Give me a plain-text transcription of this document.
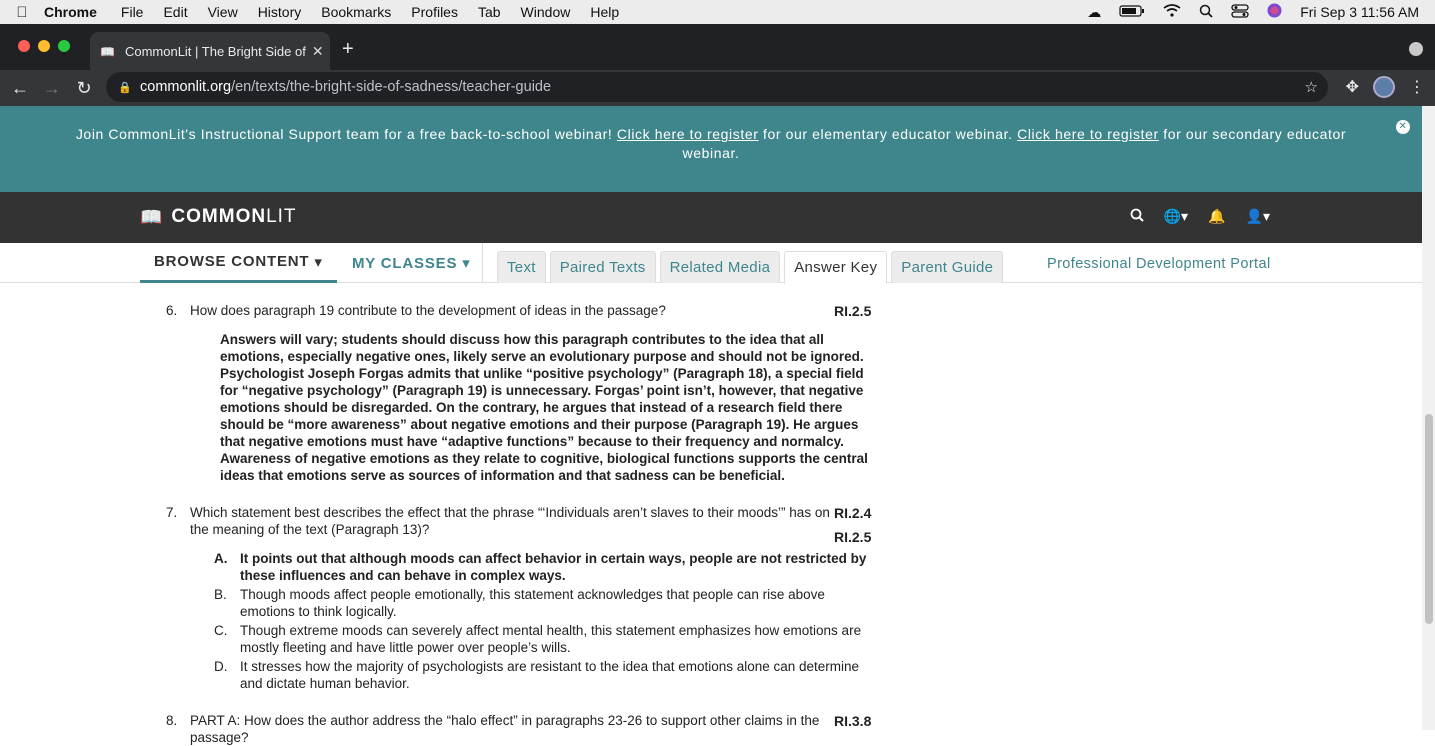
Chrome File Edit View History Bookmarks Profiles Tab Window Help	☁	Fri Sep 3 11:56 AM
📖 CommonLit | The Bright Side of ✕ +
← → ↻	🔒 commonlit.org /en/texts/the-bright-side-of-sadness/teacher-guide	☆ ✥	⋮
Join CommonLit's Instructional Support team for a free back-to-school webinar! Click here to register for our elementary educator webinar. Click here to register for our secondary educator webinar.
✕
📖 COMMON LIT	🌐▾ 🔔 👤▾
BROWSE CONTENT
▾ MY CLASSES
▾	Text	Paired Texts	Related Media	Answer Key	Parent Guide	Professional Development Portal
6. How does paragraph 19 contribute to the development of ideas in the passage?	RI.2.5
Answers will vary; students should discuss how this paragraph contributes to the idea that all emotions, especially negative ones, likely serve an evolutionary purpose and should not be ignored. Psychologist Joseph Forgas admits that unlike “positive psychology” (Paragraph 18), a special field for “negative psychology” (Paragraph 19) is unnecessary. Forgas’ point isn’t, however, that negative emotions should be disregarded. On the contrary, he argues that instead of a research field there should be “more awareness” about negative emotions and their purpose (Paragraph 19). He argues that negative emotions must have “adaptive functions” because to their frequency and normalcy. Awareness of negative emotions as they relate to cognitive, biological functions supports the central ideas that emotions serve as sources of information and that sadness can be beneficial.
7. Which statement best describes the effect that the phrase “‘Individuals aren’t slaves to their moods’” has on the meaning of the text (Paragraph 13)?
RI.2.4
RI.2.5
A. It points out that although moods can affect behavior in certain ways, people are not restricted by these influences and can behave in complex ways.
B. Though moods affect people emotionally, this statement acknowledges that people can rise above emotions to think logically.
C. Though extreme moods can severely affect mental health, this statement emphasizes how emotions are mostly fleeting and have little power over people’s wills.
D. It stresses how the majority of psychologists are resistant to the idea that emotions alone can determine and dictate human behavior.
8. PART A: How does the author address the “halo effect” in paragraphs 23-26 to support other claims in the passage?
RI.3.8
